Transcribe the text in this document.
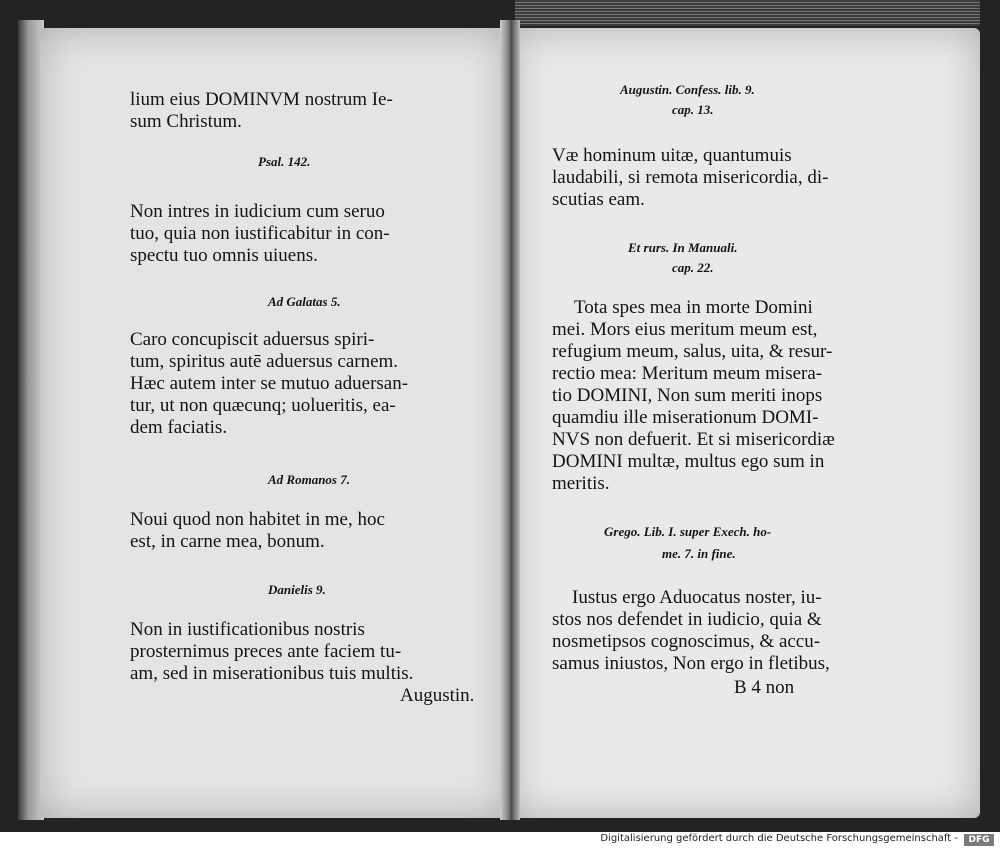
lium eius DOMINVM nostrum Ie-
sum Christum.
Psal. 142.
Non intres in iudicium cum seruo
tuo, quia non iustificabitur in con-
spectu tuo omnis uiuens.
Ad Galatas 5.
Caro concupiscit aduersus spiri-
tum, spiritus autē aduersus carnem.
Hæc autem inter se mutuo aduersan-
tur, ut non quæcunq; uolueritis, ea-
dem faciatis.
Ad Romanos 7.
Noui quod non habitet in me, hoc
est, in carne mea, bonum.
Danielis 9.
Non in iustificationibus nostris
prosternimus preces ante faciem tu-
am, sed in miserationibus tuis multis.
Augustin.
Augustin. Confess. lib. 9.
cap. 13.
Væ hominum uitæ, quantumuis
laudabili, si remota misericordia, di-
scutias eam.
Et rurs. In Manuali.
cap. 22.
Tota spes mea in morte Domini
mei. Mors eius meritum meum est,
refugium meum, salus, uita, & resur-
rectio mea: Meritum meum misera-
tio DOMINI, Non sum meriti inops
quamdiu ille miserationum DOMI-
NVS non defuerit. Et si misericordiæ
DOMINI multæ, multus ego sum in
meritis.
Grego. Lib. I. super Exech. ho-
me. 7. in fine.
Iustus ergo Aduocatus noster, iu-
stos nos defendet in iudicio, quia &
nosmetipsos cognoscimus, & accu-
samus iniustos, Non ergo in fletibus,
B 4 non
Digitalisierung gefördert durch die Deutsche Forschungsgemeinschaft -	DFG
